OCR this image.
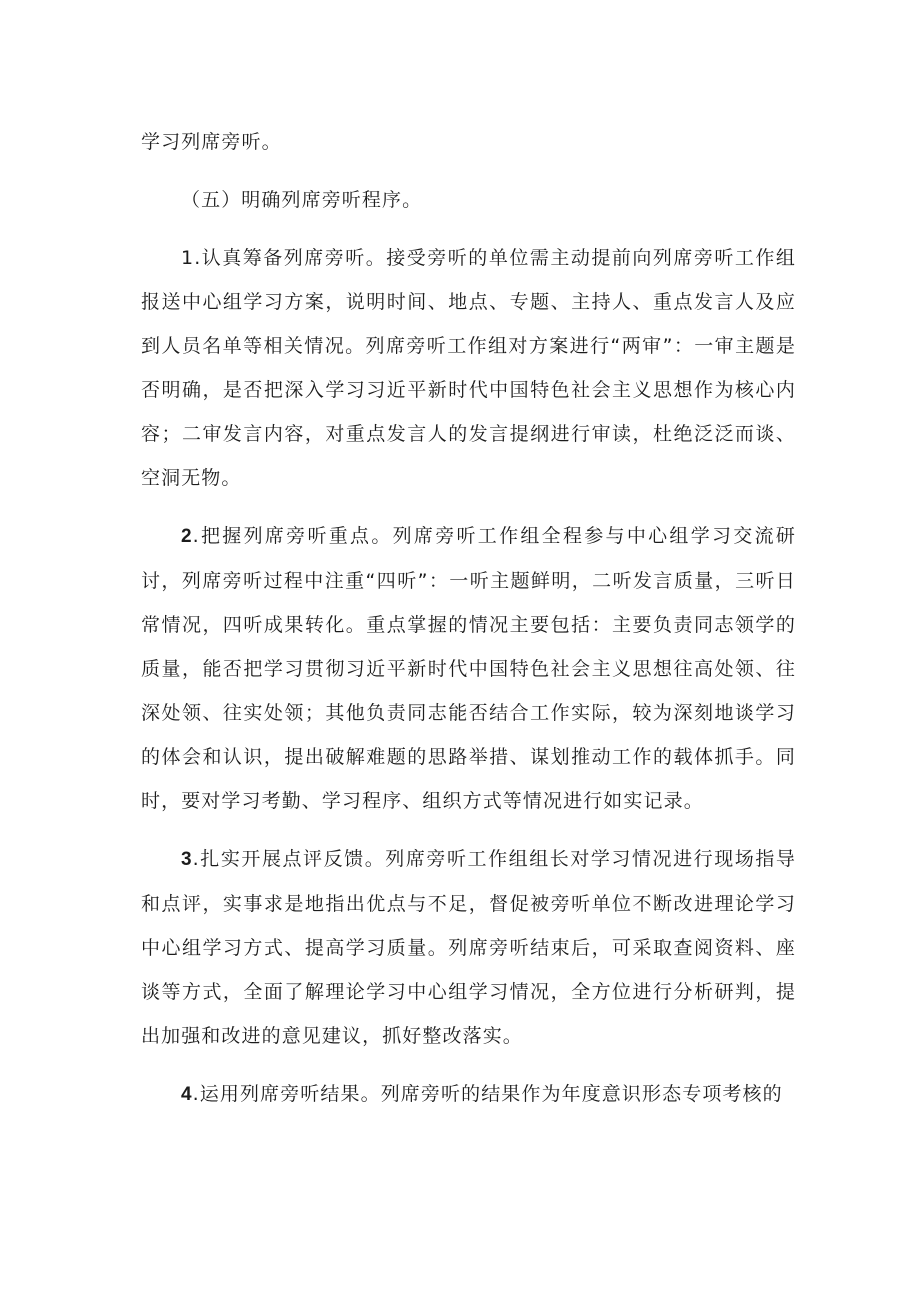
学习列席旁听。

（五）明确列席旁听程序。

1.认真筹备列席旁听。接受旁听的单位需主动提前向列席旁听工作组报送中心组学习方案，说明时间、地点、专题、主持人、重点发言人及应到人员名单等相关情况。列席旁听工作组对方案进行“两审”：一审主题是否明确，是否把深入学习习近平新时代中国特色社会主义思想作为核心内容；二审发言内容，对重点发言人的发言提纲进行审读，杜绝泛泛而谈、空洞无物。

2.把握列席旁听重点。列席旁听工作组全程参与中心组学习交流研讨，列席旁听过程中注重“四听”：一听主题鲜明，二听发言质量，三听日常情况，四听成果转化。重点掌握的情况主要包括：主要负责同志领学的质量，能否把学习贯彻习近平新时代中国特色社会主义思想往高处领、往深处领、往实处领；其他负责同志能否结合工作实际，较为深刻地谈学习的体会和认识，提出破解难题的思路举措、谋划推动工作的载体抓手。同时，要对学习考勤、学习程序、组织方式等情况进行如实记录。

3.扎实开展点评反馈。列席旁听工作组组长对学习情况进行现场指导和点评，实事求是地指出优点与不足，督促被旁听单位不断改进理论学习中心组学习方式、提高学习质量。列席旁听结束后，可采取查阅资料、座谈等方式，全面了解理论学习中心组学习情况，全方位进行分析研判，提出加强和改进的意见建议，抓好整改落实。

4.运用列席旁听结果。列席旁听的结果作为年度意识形态专项考核的
